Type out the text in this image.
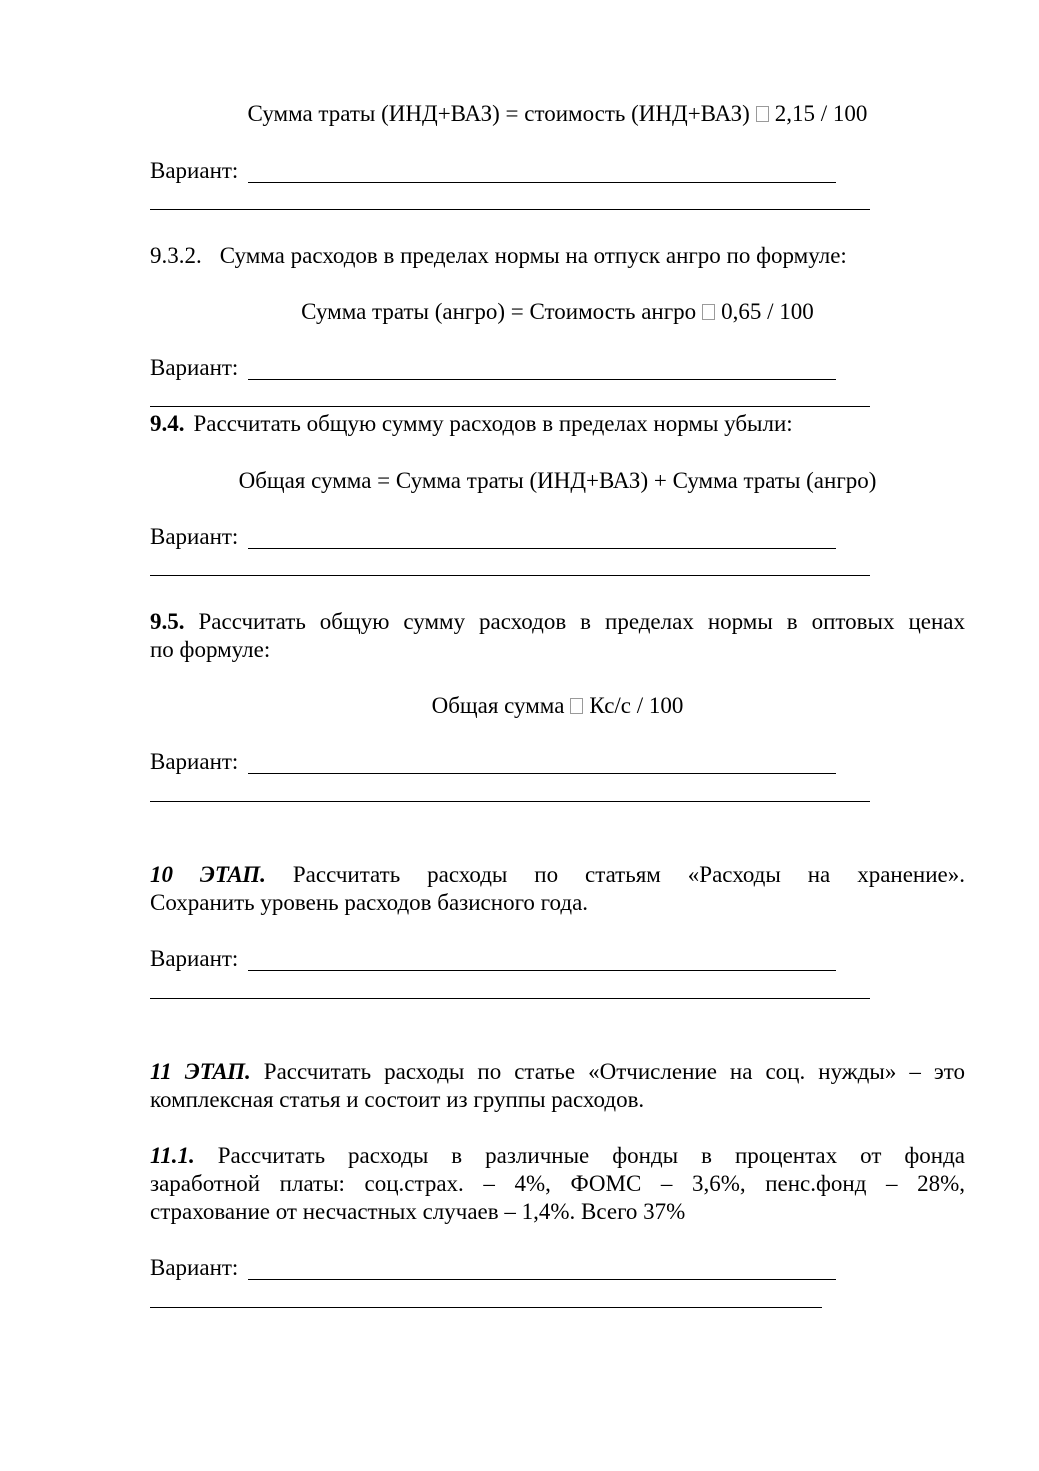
Сумма траты (ИНД+ВАЗ) = стоимость (ИНД+ВАЗ) 2,15 / 100
Вариант:
9.3.2. Сумма расходов в пределах нормы на отпуск ангро по формуле:
Сумма траты (ангро) = Стоимость ангро 0,65 / 100
Вариант:
9.4. Рассчитать общую сумму расходов в пределах нормы убыли:
Общая сумма = Сумма траты (ИНД+ВАЗ) + Сумма траты (ангро)
Вариант:
9.5. Рассчитать общую сумму расходов в пределах нормы в оптовых ценах
по формуле:
Общая сумма Кс/с / 100
Вариант:
10 ЭТАП. Рассчитать расходы по статьям «Расходы на хранение».
Сохранить уровень расходов базисного года.
Вариант:
11 ЭТАП. Рассчитать расходы по статье «Отчисление на соц. нужды» – это
комплексная статья и состоит из группы расходов.
11.1. Рассчитать расходы в различные фонды в процентах от фонда
заработной платы: соц.страх. – 4%, ФОМС – 3,6%, пенс.фонд – 28%,
страхование от несчастных случаев – 1,4%. Всего 37%
Вариант:
